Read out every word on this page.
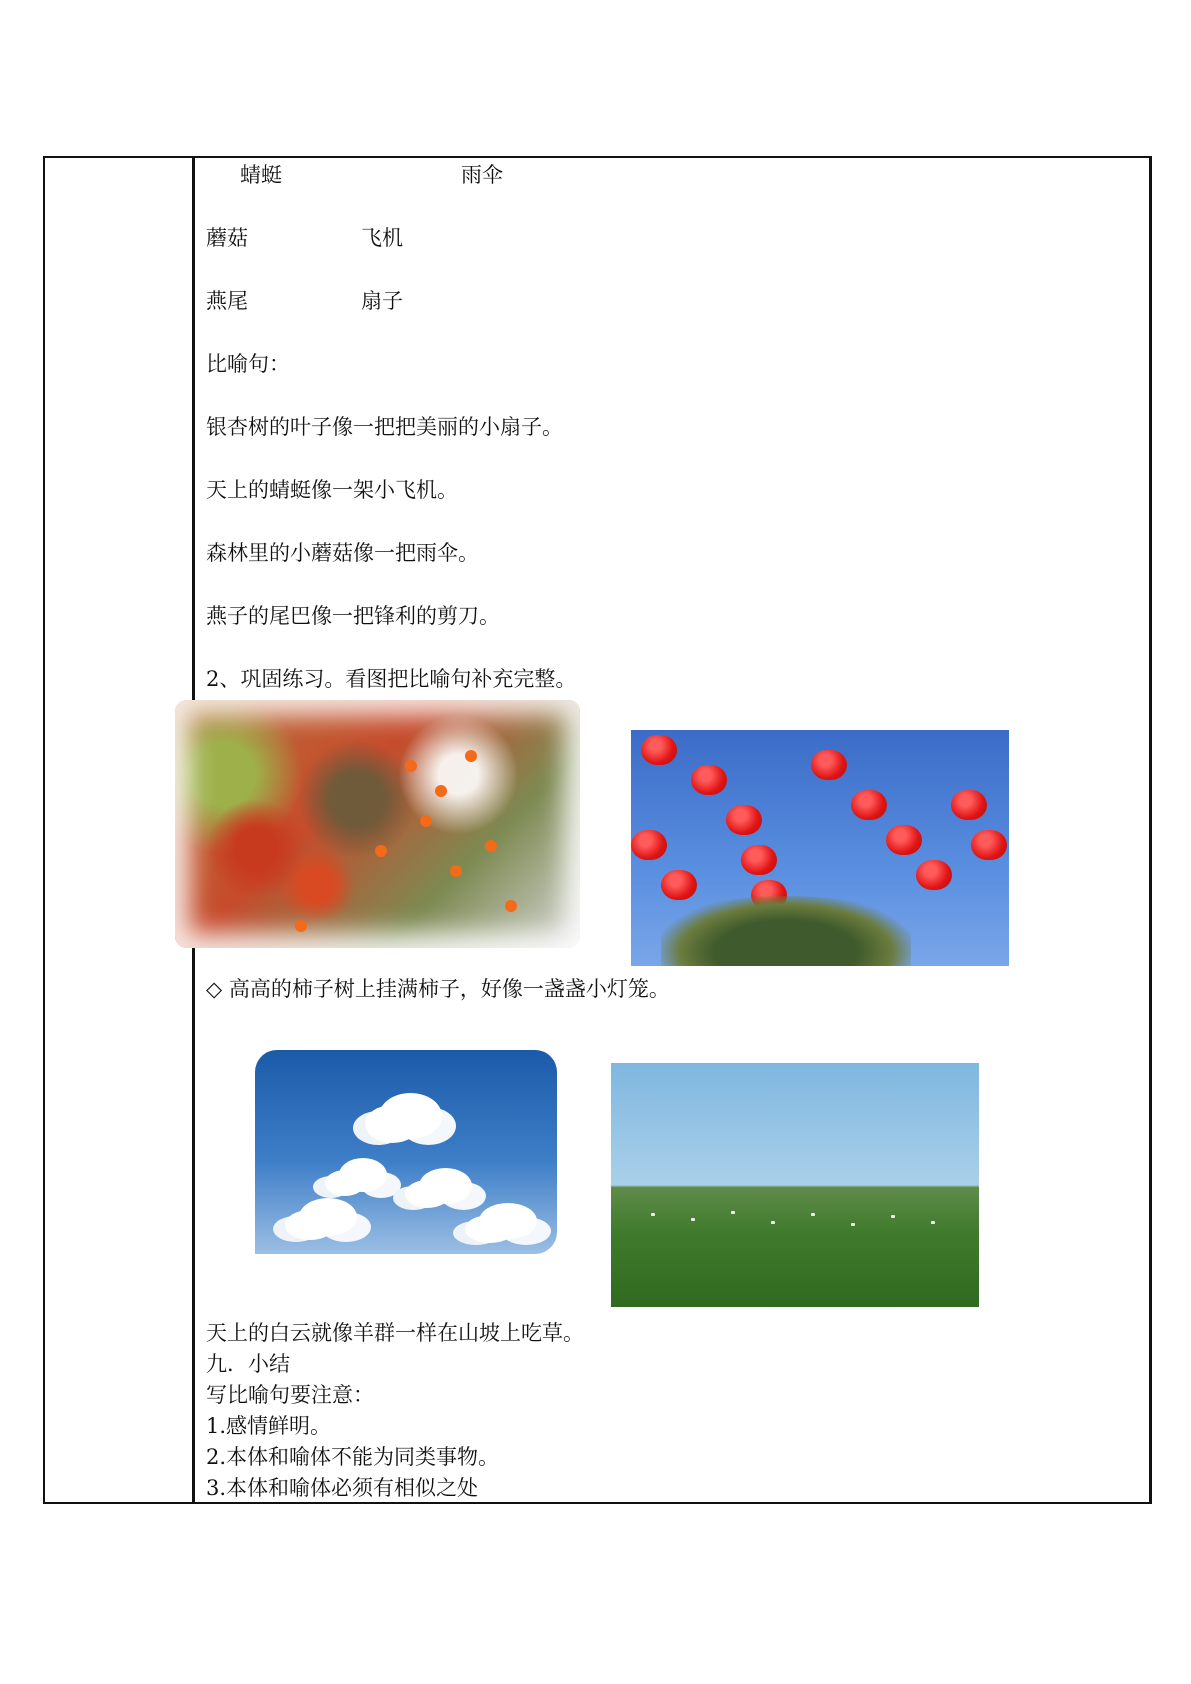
蜻蜓	雨伞
蘑菇	飞机
燕尾	扇子
比喻句：
银杏树的叶子像一把把美丽的小扇子。
天上的蜻蜓像一架小飞机。
森林里的小蘑菇像一把雨伞。
燕子的尾巴像一把锋利的剪刀。
2、巩固练习。看图把比喻句补充完整。
◇ 高高的柿子树上挂满柿子，好像一盏盏小灯笼。
天上的白云就像羊群一样在山坡上吃草。
九．小结
写比喻句要注意：
1.感情鲜明。
2.本体和喻体不能为同类事物。
3.本体和喻体必须有相似之处
